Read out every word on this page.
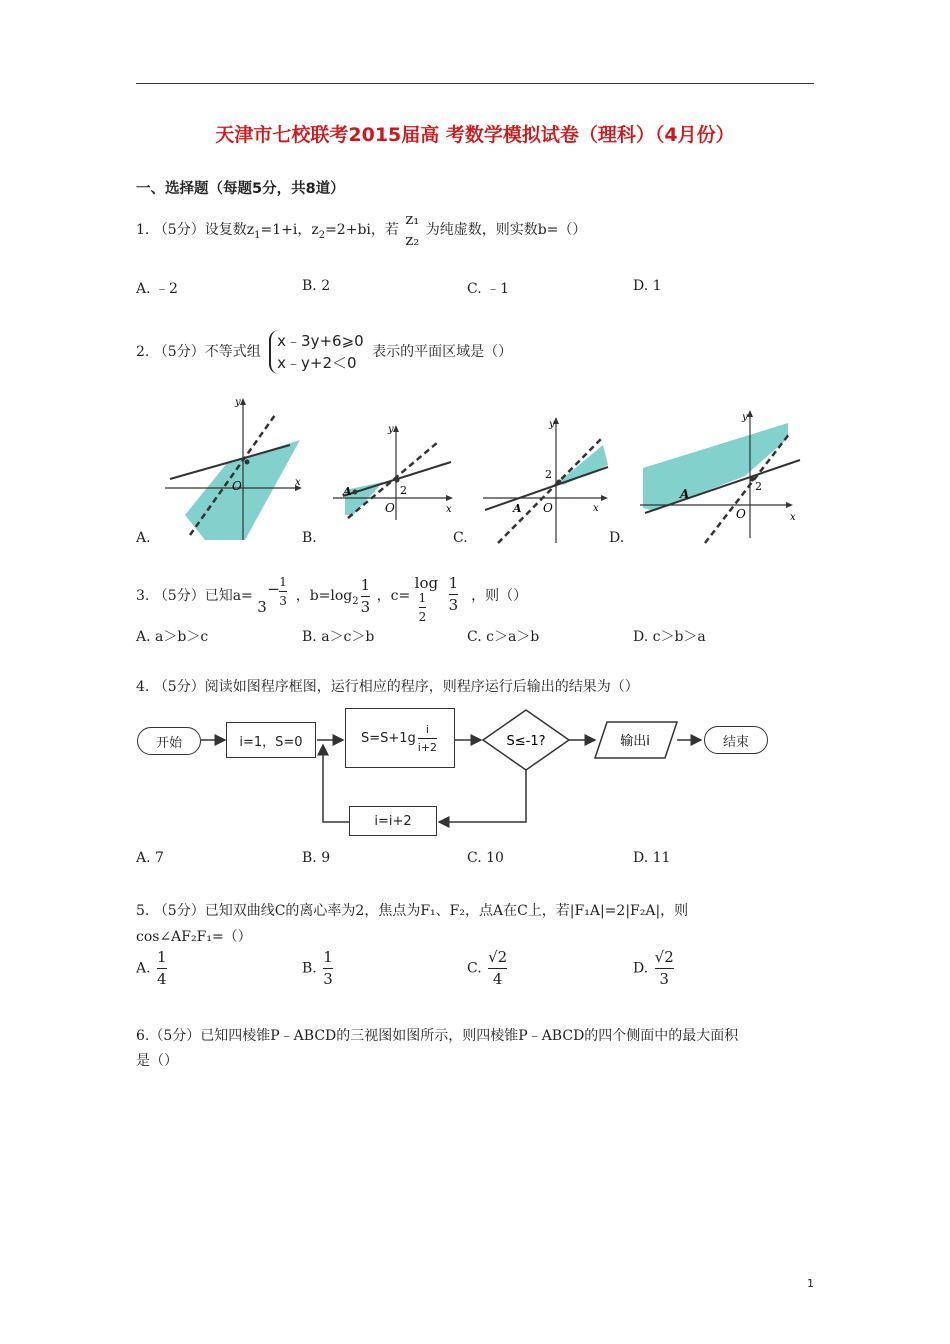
天津市七校联考2015届高 考数学模拟试卷（理科）（4月份）
一、选择题（每题5分，共8道）
1. （5分）设复数$z_1=1+i$，$z_2=2+bi$，若
z₁
z₂
为纯虚数，则实数b=（）
A. ﹣2	B. 2	C. ﹣1	D. 1
2. （5分）不等式组
x﹣3y+6⩾0
x﹣y+2＜0
表示的平面区域是（）
y
x
O
y
x
O
A	2
y
x
O
A
2
y
x
O
A
2
A.	B.	C.	D.
3. （5分）已知a=
3
− $\frac{1}{3}$ ，$b=\log_2 \frac{1}{3}$ ，c=
log
$\frac{1}{2} \frac{1}{3}$ ，则（）
A. a＞b＞c	B. a＞c＞b	C. c＞a＞b	D. c＞b＞a
4. （5分）阅读如图程序框图，运行相应的程序，则程序运行后输出的结果为（）
S≤-1?	输出i
开始	i=1，S=0	$S=S+1g \frac{i}{i+2}$	结束
i=i+2
A. 7	B. 9	C. 10	D. 11
5. （5分）已知双曲线C的离心率为2，焦点为F₁、F₂，点A在C上，若|F₁A|=2|F₂A|，则
cos∠AF₂F₁=（）
A. $\frac{1}{4}$	B. $\frac{1}{3}$	C. $\frac{√2}{4}$	D. $\frac{√2}{3}$
6.（5分）已知四棱锥P﹣ABCD的三视图如图所示，则四棱锥P﹣ABCD的四个侧面中的最大面积
是（）
1
